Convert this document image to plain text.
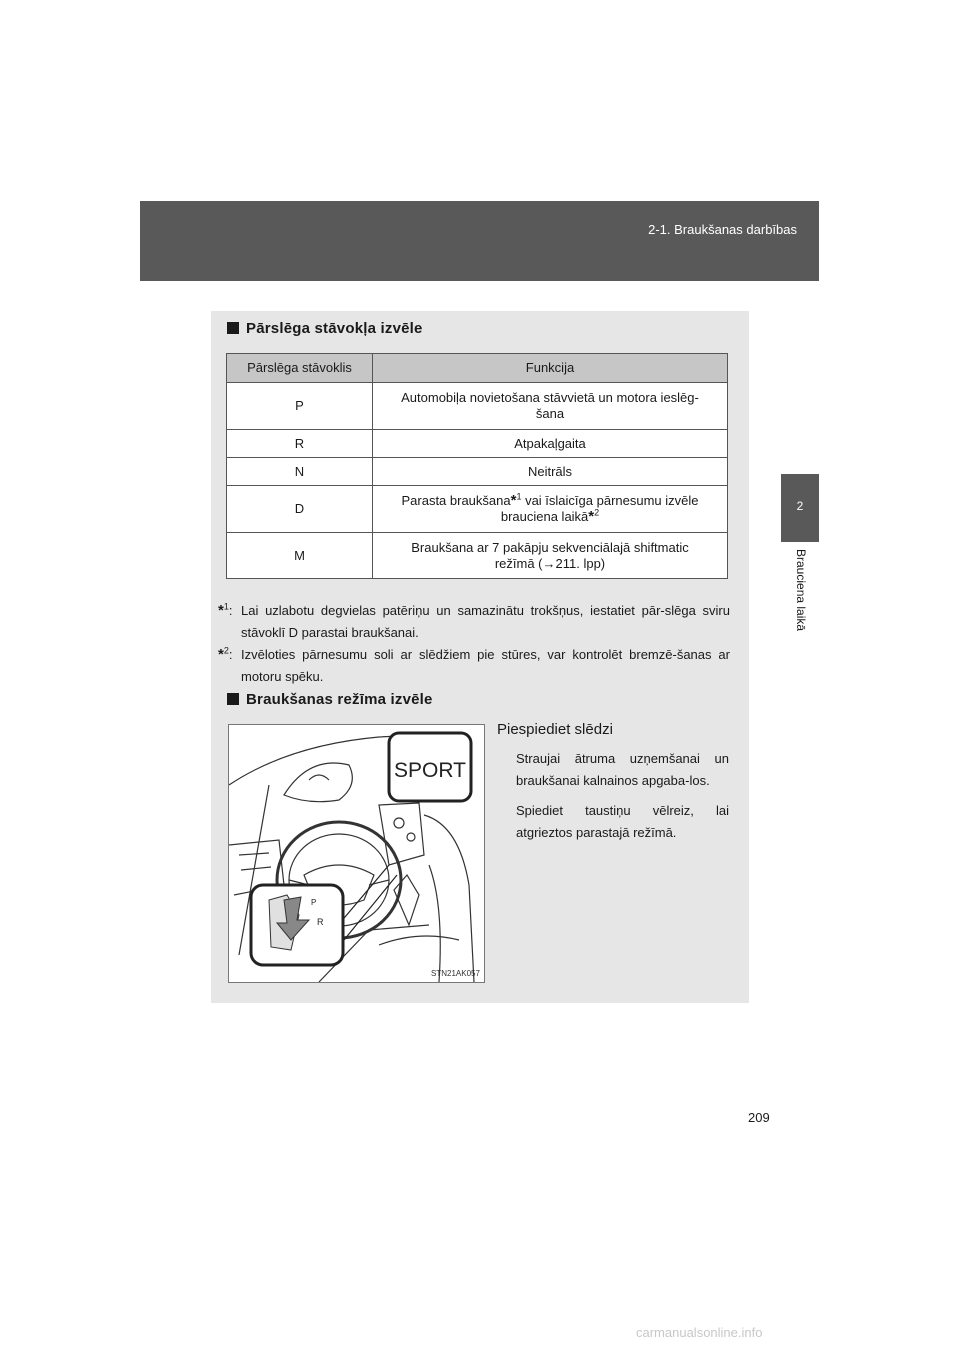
2-1. Braukšanas darbības
2
Brauciena laikā
Pārslēga stāvokļa izvēle
Pārslēga stāvoklis	Funkcija
P	Automobiļa novietošana stāvvietā un motora ieslēg-
šana
R	Atpakaļgaita
N	Neitrāls
D	Parasta braukšana*$^1$ vai īslaicīga pārnesumu izvēle
brauciena laikā*$^2$
M	Braukšana ar 7 pakāpju sekvenciālajā shiftmatic
režīmā (→211. lpp)
*$^1$: Lai uzlabotu degvielas patēriņu un samazinātu trokšņus, iestatiet pār-slēga sviru stāvoklī D parastai braukšanai.
*$^2$: Izvēloties pārnesumu soli ar slēdžiem pie stūres, var kontrolēt bremzē-šanas ar motoru spēku.
Braukšanas režīma izvēle
P
R
SPORT
STN21AK057

Piespiediet slēdzi

Straujai ātruma uzņemšanai un braukšanai kalnainos apgaba-los.

Spiediet taustiņu vēlreiz, lai atgrieztos parastajā režīmā.

209
carmanualsonline.info
